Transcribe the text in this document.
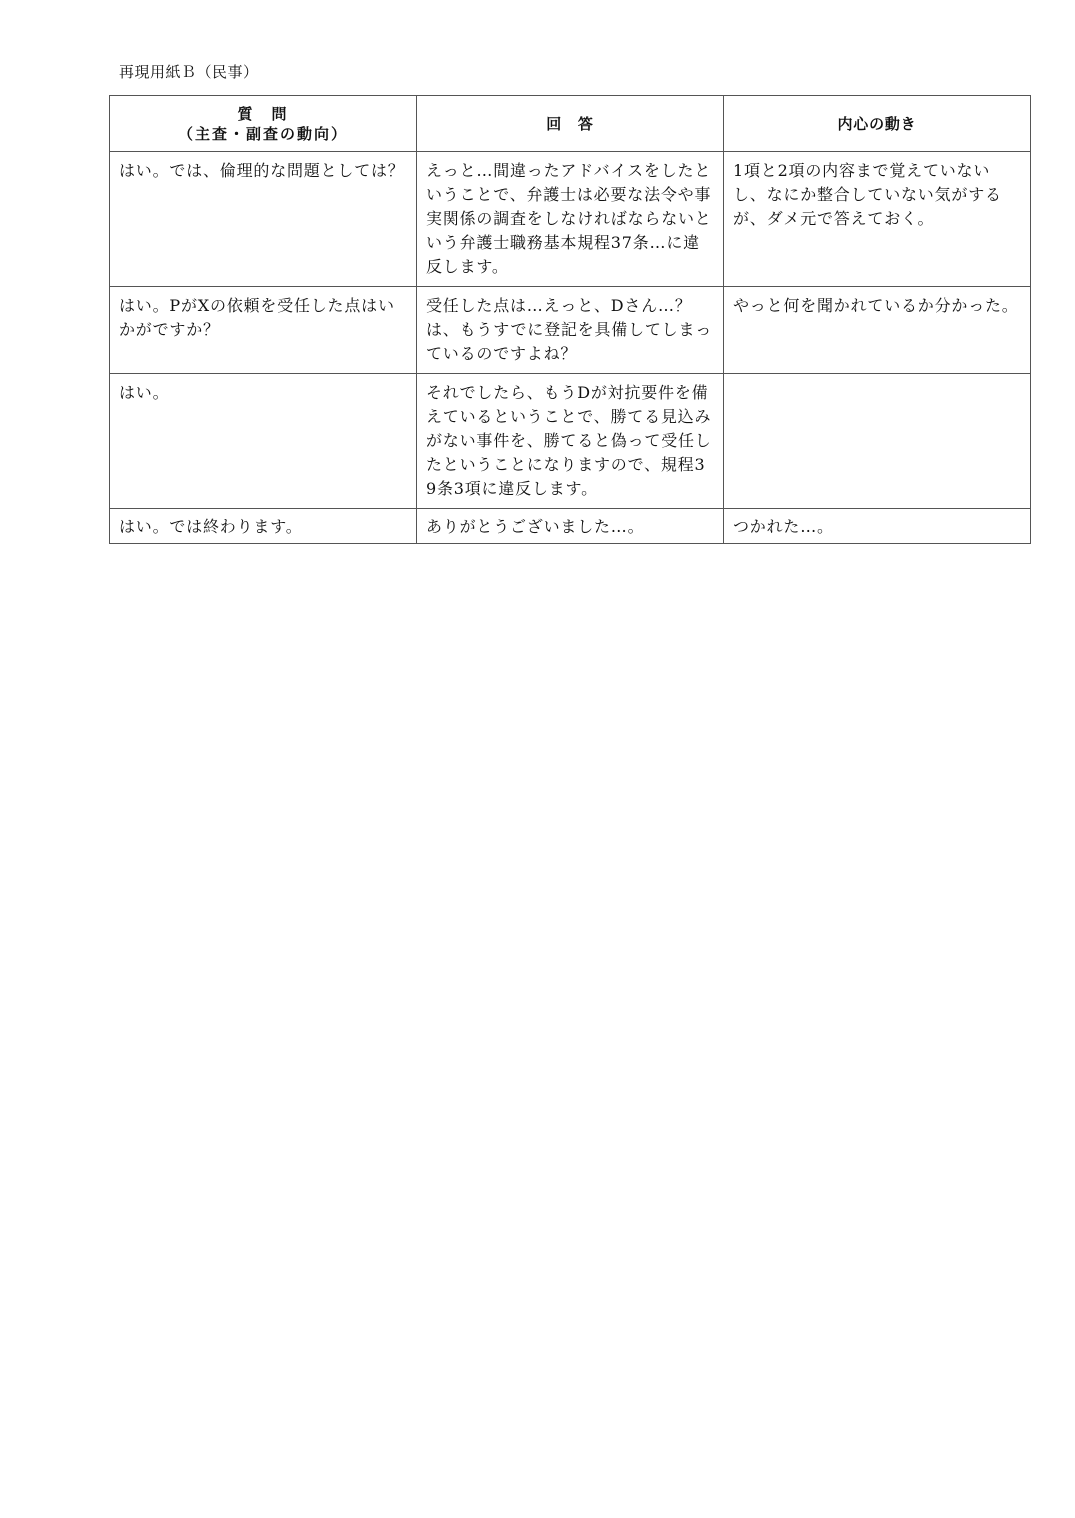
再現用紙Ｂ（民事）
質　問
（主査・副査の動向）	回　答	内心の動き
はい。では、倫理的な問題としては？	えっと…間違ったアドバイスをしたということで、弁護士は必要な法令や事実関係の調査をしなければならないという弁護士職務基本規程37条…に違反します。	1項と2項の内容まで覚えていないし、なにか整合していない気がするが、ダメ元で答えておく。
はい。PがXの依頼を受任した点はいかがですか？	受任した点は…えっと、Dさん…？は、もうすでに登記を具備してしまっているのですよね？	やっと何を聞かれているか分かった。
はい。	それでしたら、もうDが対抗要件を備えているということで、勝てる見込みがない事件を、勝てると偽って受任したということになりますので、規程39条3項に違反します。	
はい。では終わります。	ありがとうございました…。	つかれた…。
